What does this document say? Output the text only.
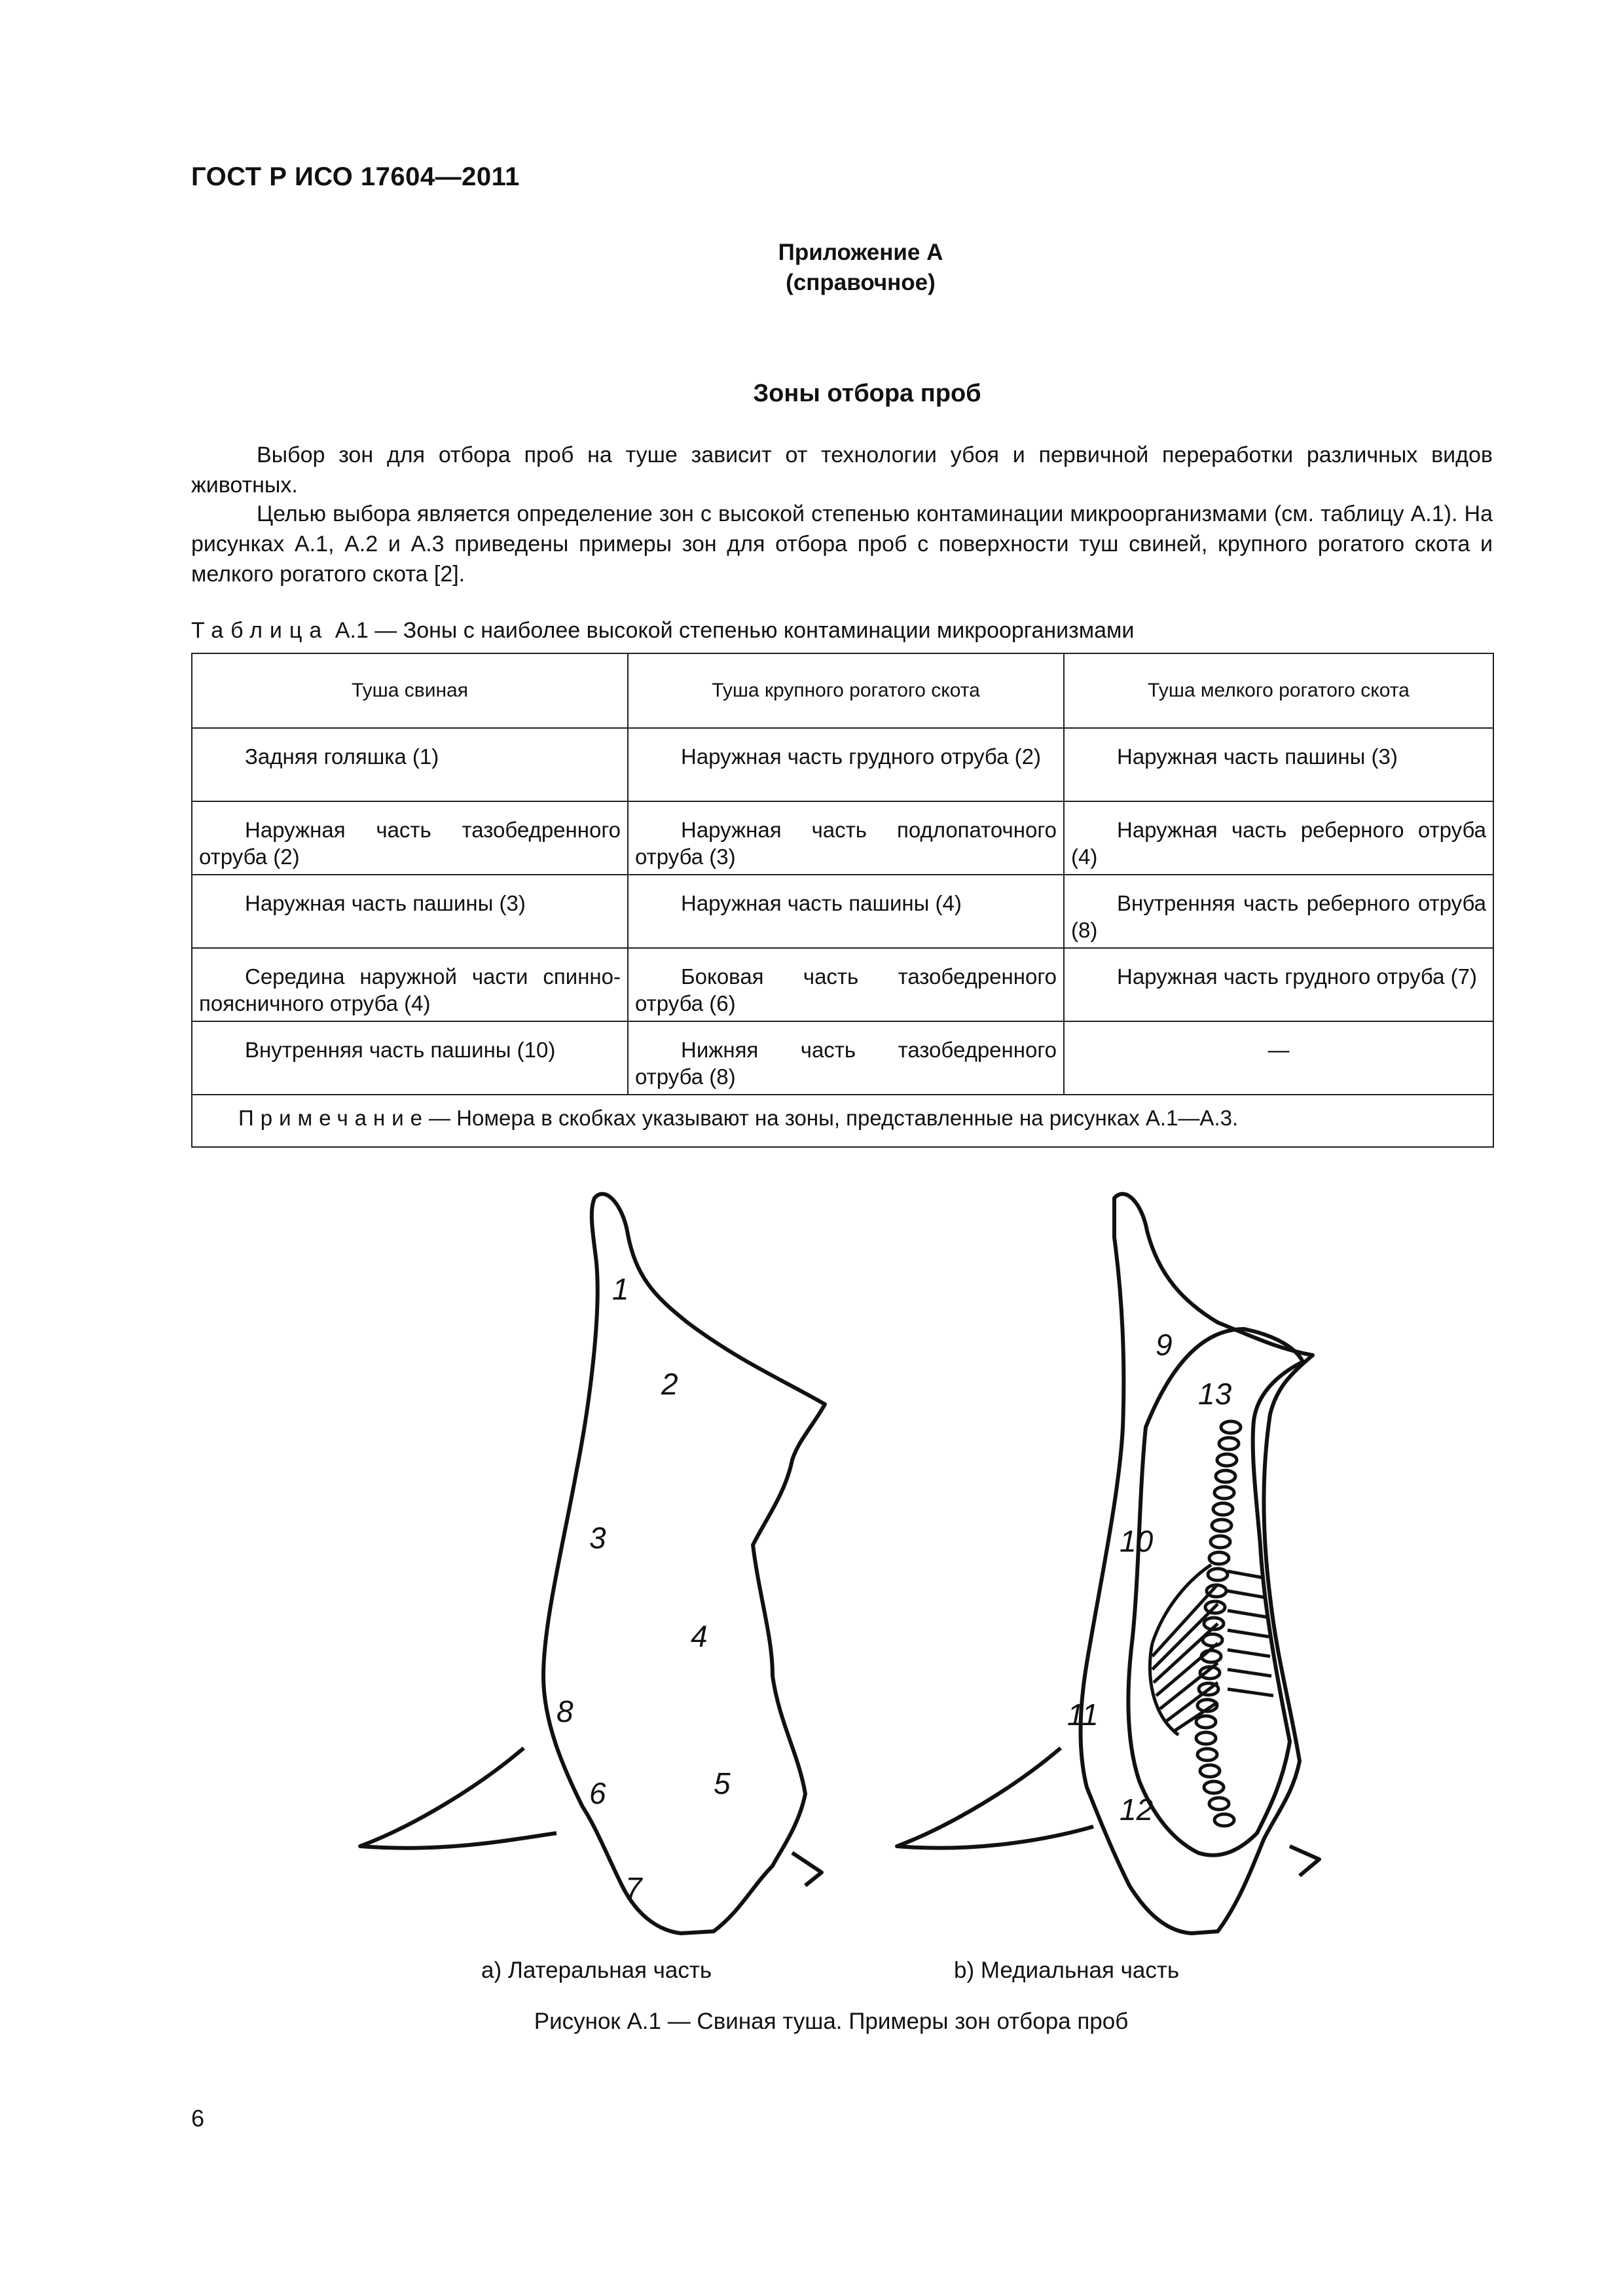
ГОСТ Р ИСО 17604—2011
Приложение А
(справочное)
Зоны отбора проб
Выбор зон для отбора проб на туше зависит от технологии убоя и первичной переработки различных видов животных.
Целью выбора является определение зон с высокой степенью контаминации микроорганизмами (см. таблицу А.1). На рисунках А.1, А.2 и А.3 приведены примеры зон для отбора проб с поверхности туш свиней, крупного рогатого скота и мелкого рогатого скота [2].
Таблица А.1 — Зоны с наиболее высокой степенью контаминации микроорганизмами
Туша свиная	Туша крупного рогатого скота	Туша мелкого рогатого скота

Задняя голяшка (1)	Наружная часть грудного отруба (2)	Наружная часть пашины (3)

Наружная часть тазобедренного отруба (2)	Наружная часть подлопаточного отруба (3)	Наружная часть реберного отруба (4)

Наружная часть пашины (3)	Наружная часть пашины (4)	Внутренняя часть реберного отруба (8)

Середина наружной части спинно-поясничного отруба (4)	Боковая часть тазобедренного отруба (6)	Наружная часть грудного отруба (7)

Внутренняя часть пашины (10)	Нижняя часть тазобедренного отруба (8)	—

Примечание— Номера в скобках указывают на зоны, представленные на рисунках А.1—А.3.		
1
2
3
4
5
6
7
8
9
10
11
12
13
а) Латеральная часть	b) Медиальная часть
Рисунок А.1 — Свиная туша. Примеры зон отбора проб
6
